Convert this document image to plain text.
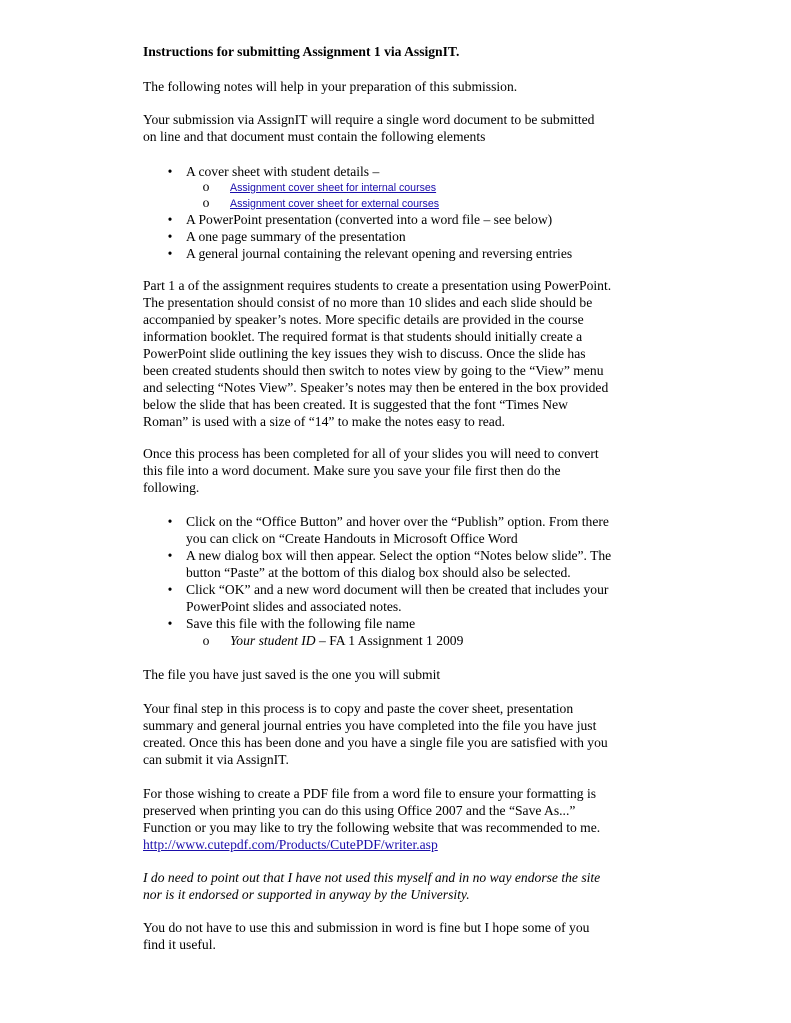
Instructions for submitting Assignment 1 via AssignIT.

The following notes will help in your preparation of this submission.

Your submission via AssignIT will require a single word document to be submitted
on line and that document must contain the following elements
•	A cover sheet with student details –
o	Assignment cover sheet for internal courses
o	Assignment cover sheet for external courses
•	A PowerPoint presentation (converted into a word file – see below)
•	A one page summary of the presentation
•	A general journal containing the relevant opening and reversing entries
Part 1 a of the assignment requires students to create a presentation using PowerPoint.
The presentation should consist of no more than 10 slides and each slide should be
accompanied by speaker’s notes. More specific details are provided in the course
information booklet. The required format is that students should initially create a
PowerPoint slide outlining the key issues they wish to discuss. Once the slide has
been created students should then switch to notes view by going to the “View” menu
and selecting “Notes View”. Speaker’s notes may then be entered in the box provided
below the slide that has been created. It is suggested that the font “Times New
Roman” is used with a size of “14” to make the notes easy to read.
Once this process has been completed for all of your slides you will need to convert
this file into a word document. Make sure you save your file first then do the
following.
•	Click on the “Office Button” and hover over the “Publish” option. From there
you can click on “Create Handouts in Microsoft Office Word
•	A new dialog box will then appear. Select the option “Notes below slide”. The
button “Paste” at the bottom of this dialog box should also be selected.
•	Click “OK” and a new word document will then be created that includes your
PowerPoint slides and associated notes.
•	Save this file with the following file name
o	Your student ID – FA 1 Assignment 1 2009

The file you have just saved is the one you will submit

Your final step in this process is to copy and paste the cover sheet, presentation
summary and general journal entries you have completed into the file you have just
created. Once this has been done and you have a single file you are satisfied with you
can submit it via AssignIT.
For those wishing to create a PDF file from a word file to ensure your formatting is
preserved when printing you can do this using Office 2007 and the “Save As...”
Function or you may like to try the following website that was recommended to me.
http://www.cutepdf.com/Products/CutePDF/writer.asp
I do need to point out that I have not used this myself and in no way endorse the site
nor is it endorsed or supported in anyway by the University.
You do not have to use this and submission in word is fine but I hope some of you
find it useful.
